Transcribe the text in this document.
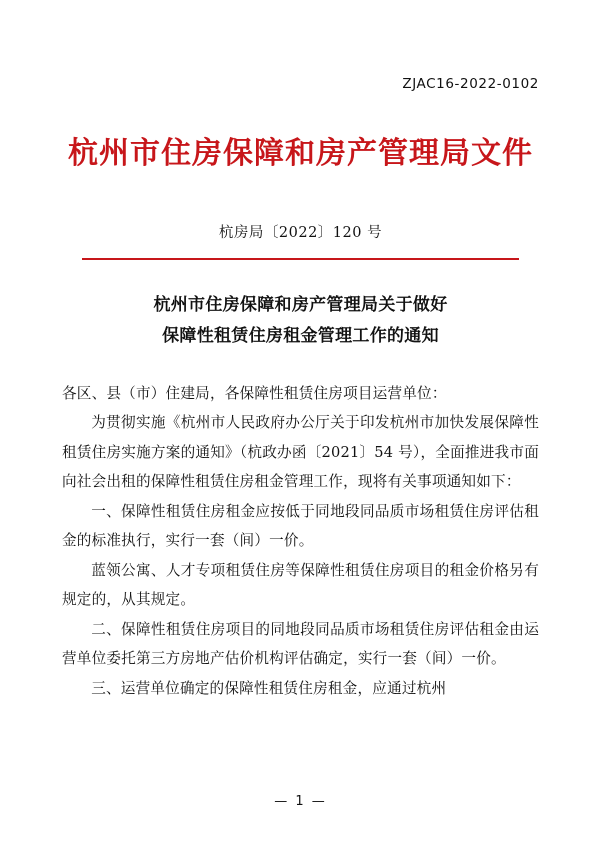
ZJAC16-2022-0102
杭州市住房保障和房产管理局文件
杭房局〔2022〕120 号
杭州市住房保障和房产管理局关于做好
保障性租赁住房租金管理工作的通知

各区、县（市）住建局，各保障性租赁住房项目运营单位：

为贯彻实施《杭州市人民政府办公厅关于印发杭州市加快发展保障性租赁住房实施方案的通知》（杭政办函〔2021〕54 号），全面推进我市面向社会出租的保障性租赁住房租金管理工作，现将有关事项通知如下：

一、保障性租赁住房租金应按低于同地段同品质市场租赁住房评估租金的标准执行，实行一套（间）一价。

蓝领公寓、人才专项租赁住房等保障性租赁住房项目的租金价格另有规定的，从其规定。

二、保障性租赁住房项目的同地段同品质市场租赁住房评估租金由运营单位委托第三方房地产估价机构评估确定，实行一套（间）一价。

三、运营单位确定的保障性租赁住房租金，应通过杭州

— 1 —
